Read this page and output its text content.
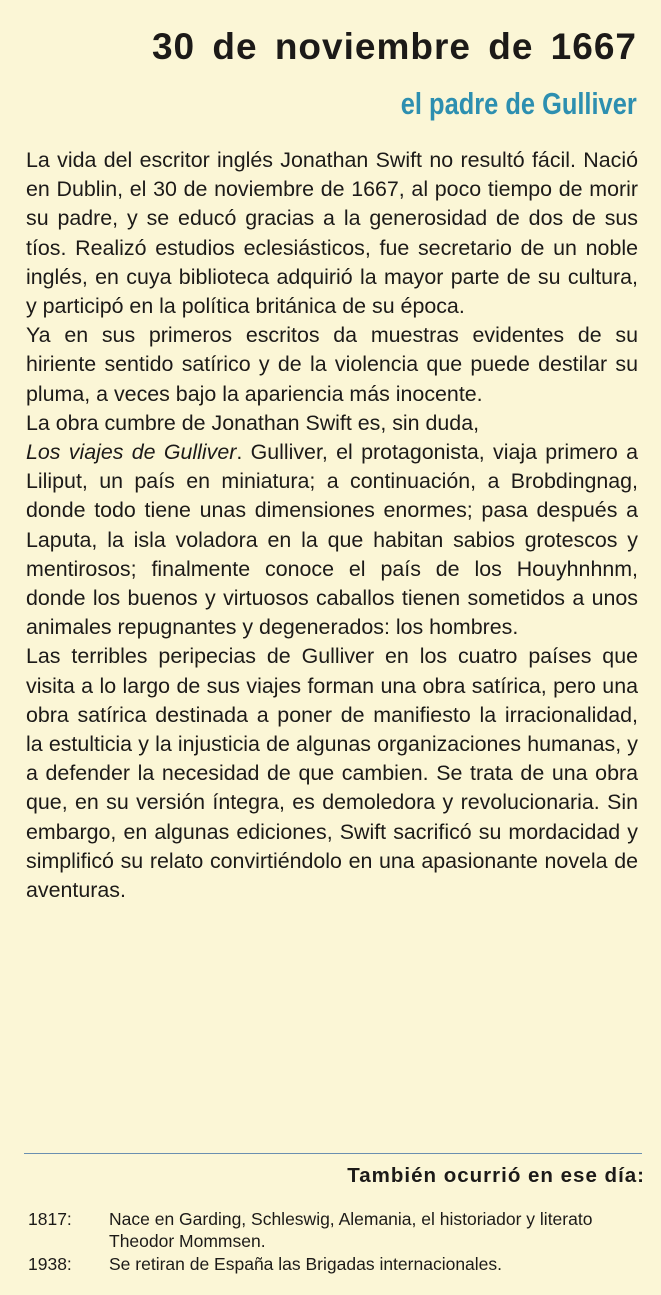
30 de noviembre de 1667
el padre de Gulliver

La vida del escritor inglés Jonathan Swift no resultó fácil. Nació en Dublin, el 30 de noviembre de 1667, al poco tiempo de morir su padre, y se educó gracias a la generosidad de dos de sus tíos. Realizó estudios eclesiásticos, fue secretario de un noble inglés, en cuya biblioteca adquirió la mayor parte de su cultura, y participó en la política británica de su época.

Ya en sus primeros escritos da muestras evidentes de su hiriente sentido satírico y de la violencia que puede destilar su pluma, a veces bajo la apariencia más inocente.

La obra cumbre de Jonathan Swift es, sin duda,
Los viajes de Gulliver. Gulliver, el protagonista, viaja primero a Liliput, un país en miniatura; a continuación, a Brobdingnag, donde todo tiene unas dimensiones enormes; pasa después a Laputa, la isla voladora en la que habitan sabios grotescos y mentirosos; finalmente conoce el país de los Houyhnhnm, donde los buenos y virtuosos caballos tienen sometidos a unos animales repugnantes y degenerados: los hombres.

Las terribles peripecias de Gulliver en los cuatro países que visita a lo largo de sus viajes forman una obra satírica, pero una obra satírica destinada a poner de manifiesto la irracionalidad, la estulticia y la injusticia de algunas organizaciones humanas, y a defender la necesidad de que cambien. Se trata de una obra que, en su versión íntegra, es demoledora y revolucionaria. Sin embargo, en algunas ediciones, Swift sacrificó su mordacidad y simplificó su relato convirtiéndolo en una apasionante novela de aventuras.

También ocurrió en ese día:
1817:	Nace en Garding, Schleswig, Alemania, el historiador y literato Theodor Mommsen.
1938:	Se retiran de España las Brigadas internacionales.
